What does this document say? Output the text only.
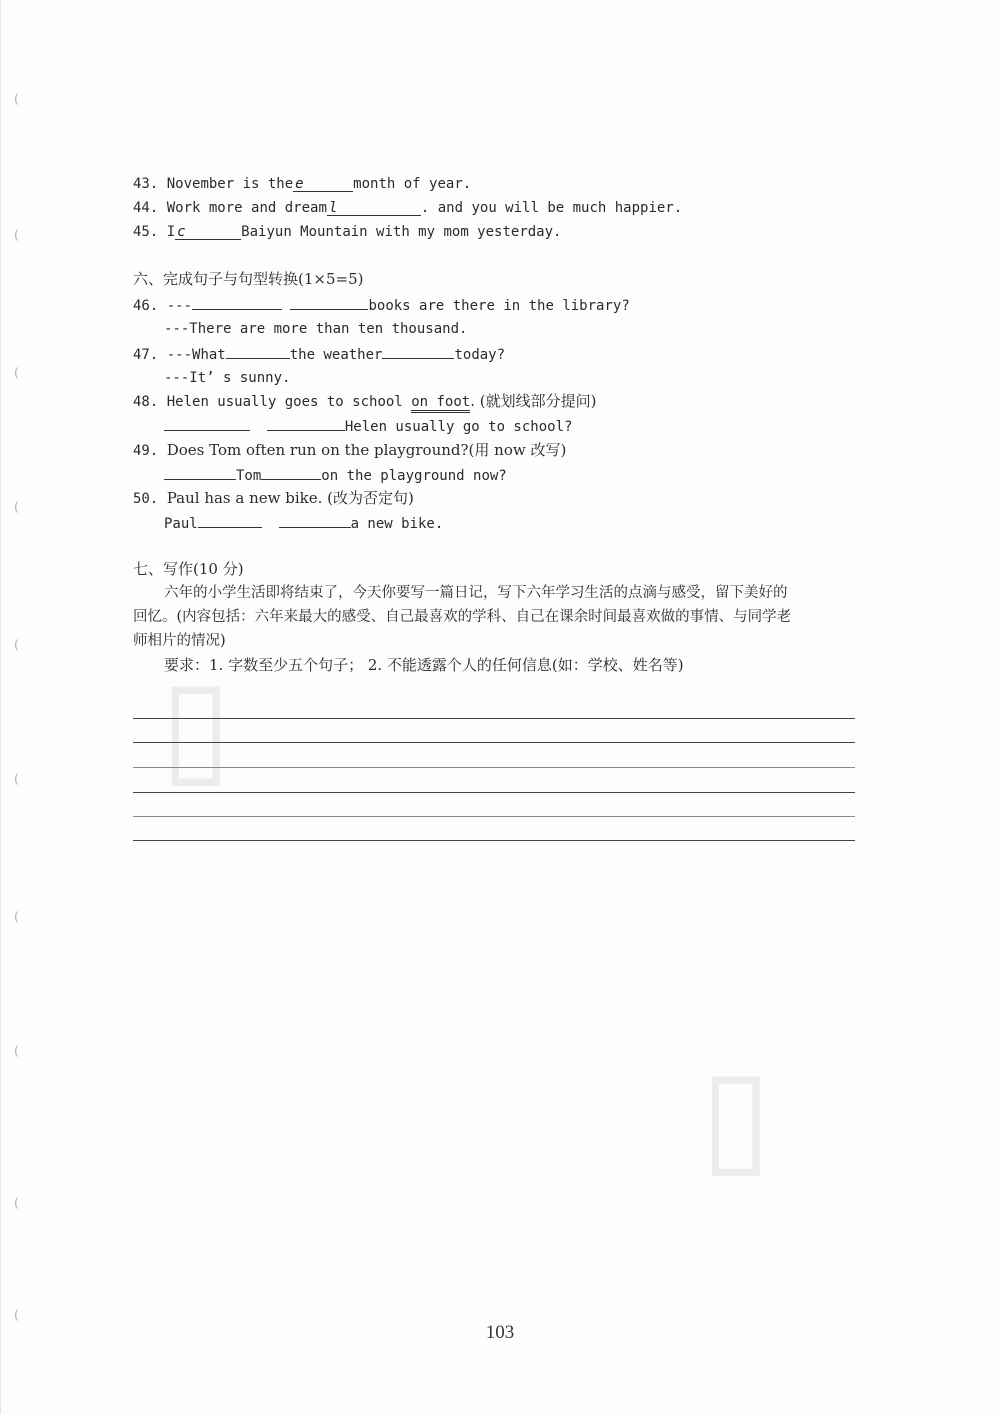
(
(
(
(
(
(
(
(
(
(
▯
▯
43. November is the e	month of year.
44. Work more and dream l	. and you will be much happier.
45. I c	Baiyun Mountain with my mom yesterday.
六、完成句子与句型转换(1×5=5)
46. ---	books are there in the library?
---There are more than ten thousand.
47. ---What	the weather	today?
---It’ s sunny.
48. Helen usually goes to school on foot. (就划线部分提问)
Helen usually go to school?
49. Does Tom often run on the playground?(用 now 改写)
Tom	on the playground now?
50. Paul has a new bike. (改为否定句)
Paul	a new bike.
七、写作(10 分)
六年的小学生活即将结束了，今天你要写一篇日记，写下六年学习生活的点滴与感受，留下美好的
回忆。(内容包括：六年来最大的感受、自己最喜欢的学科、自己在课余时间最喜欢做的事情、与同学老
师相片的情况)
要求：1. 字数至少五个句子； 2. 不能透露个人的任何信息(如：学校、姓名等)
103
